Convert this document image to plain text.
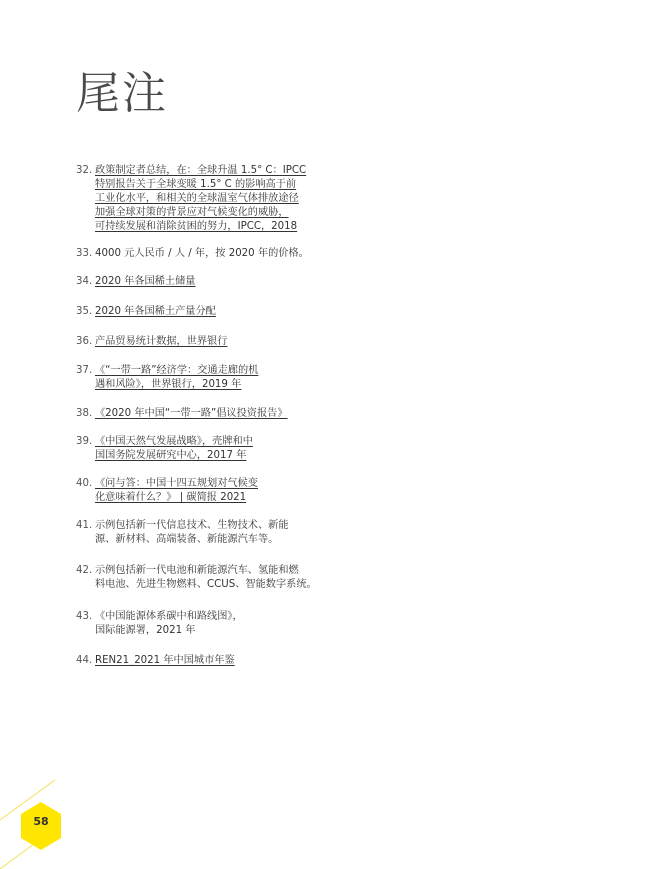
尾注
32. 政策制定者总结，在：全球升温 1.5° C：IPCC
特别报告关于全球变暖 1.5° C 的影响高于前
工业化水平，和相关的全球温室气体排放途径
加强全球对策的背景应对气候变化的威胁，
可持续发展和消除贫困的努力，IPCC，2018
33. 4000 元人民币 / 人 / 年，按 2020 年的价格。
34. 2020 年各国稀土储量
35. 2020 年各国稀土产量分配
36. 产品贸易统计数据，世界银行
37. 《“一带一路”经济学：交通走廊的机
遇和风险》，世界银行，2019 年
38. 《2020 年中国“一带一路”倡议投资报告》
39. 《中国天然气发展战略》，壳牌和中
国国务院发展研究中心，2017 年
40. 《问与答：中国十四五规划对气候变
化意味着什么？》 | 碳简报 2021
41. 示例包括新一代信息技术、生物技术、新能
源、新材料、高端装备、新能源汽车等。
42. 示例包括新一代电池和新能源汽车、氢能和燃
料电池、先进生物燃料、CCUS、智能数字系统。
43. 《中国能源体系碳中和路线图》，
国际能源署，2021 年
44. REN21_2021 年中国城市年鉴
58
